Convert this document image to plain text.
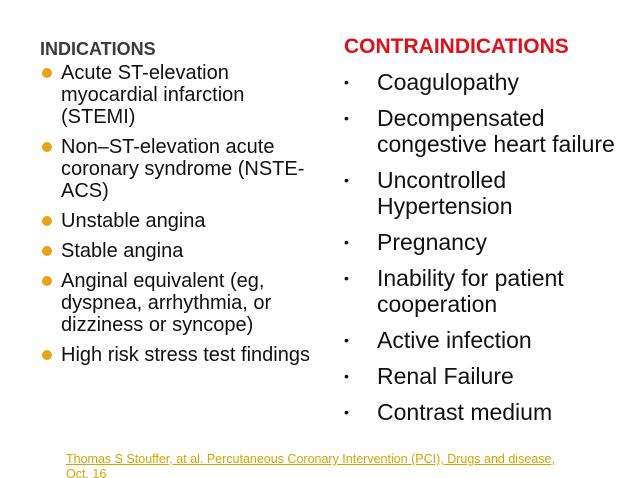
INDICATIONS
Acute ST-elevation myocardial infarction (STEMI)
Non–ST-elevation acute coronary syndrome (NSTE-ACS)
Unstable angina
Stable angina
Anginal equivalent (eg, dyspnea, arrhythmia, or dizziness or syncope)
High risk stress test findings
CONTRAINDICATIONS
• Coagulopathy
• Decompensated congestive heart failure
• Uncontrolled Hypertension
• Pregnancy
• Inability for patient cooperation
• Active infection
• Renal Failure
• Contrast medium
Thomas S Stouffer, at al. Percutaneous Coronary Intervention (PCI), Drugs and disease,
Oct. 16
